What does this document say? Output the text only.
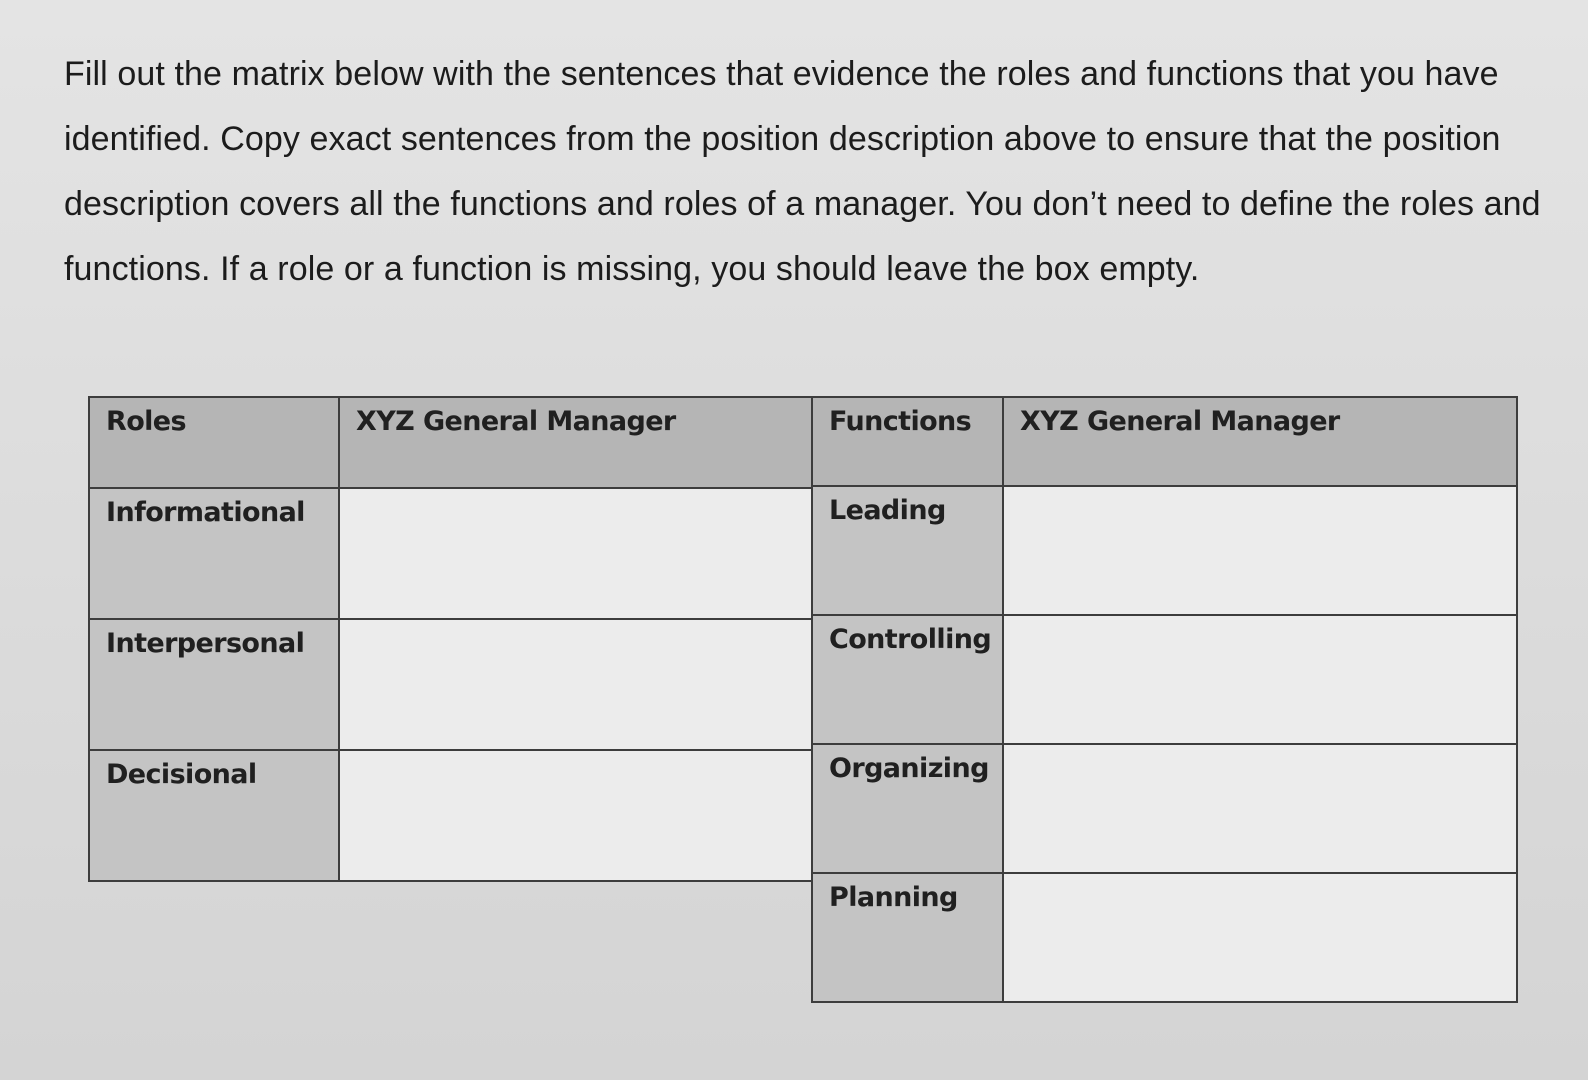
Fill out the matrix below with the sentences that evidence the roles and functions that you have identified. Copy exact sentences from the position description above to ensure that the position description covers all the functions and roles of a manager. You don’t need to define the roles and functions. If a role or a function is missing, you should leave the box empty.

Roles	XYZ General Manager

Informational	

Interpersonal	

Decisional	

Functions	XYZ General Manager

Leading	

Controlling	

Organizing	

Planning	
